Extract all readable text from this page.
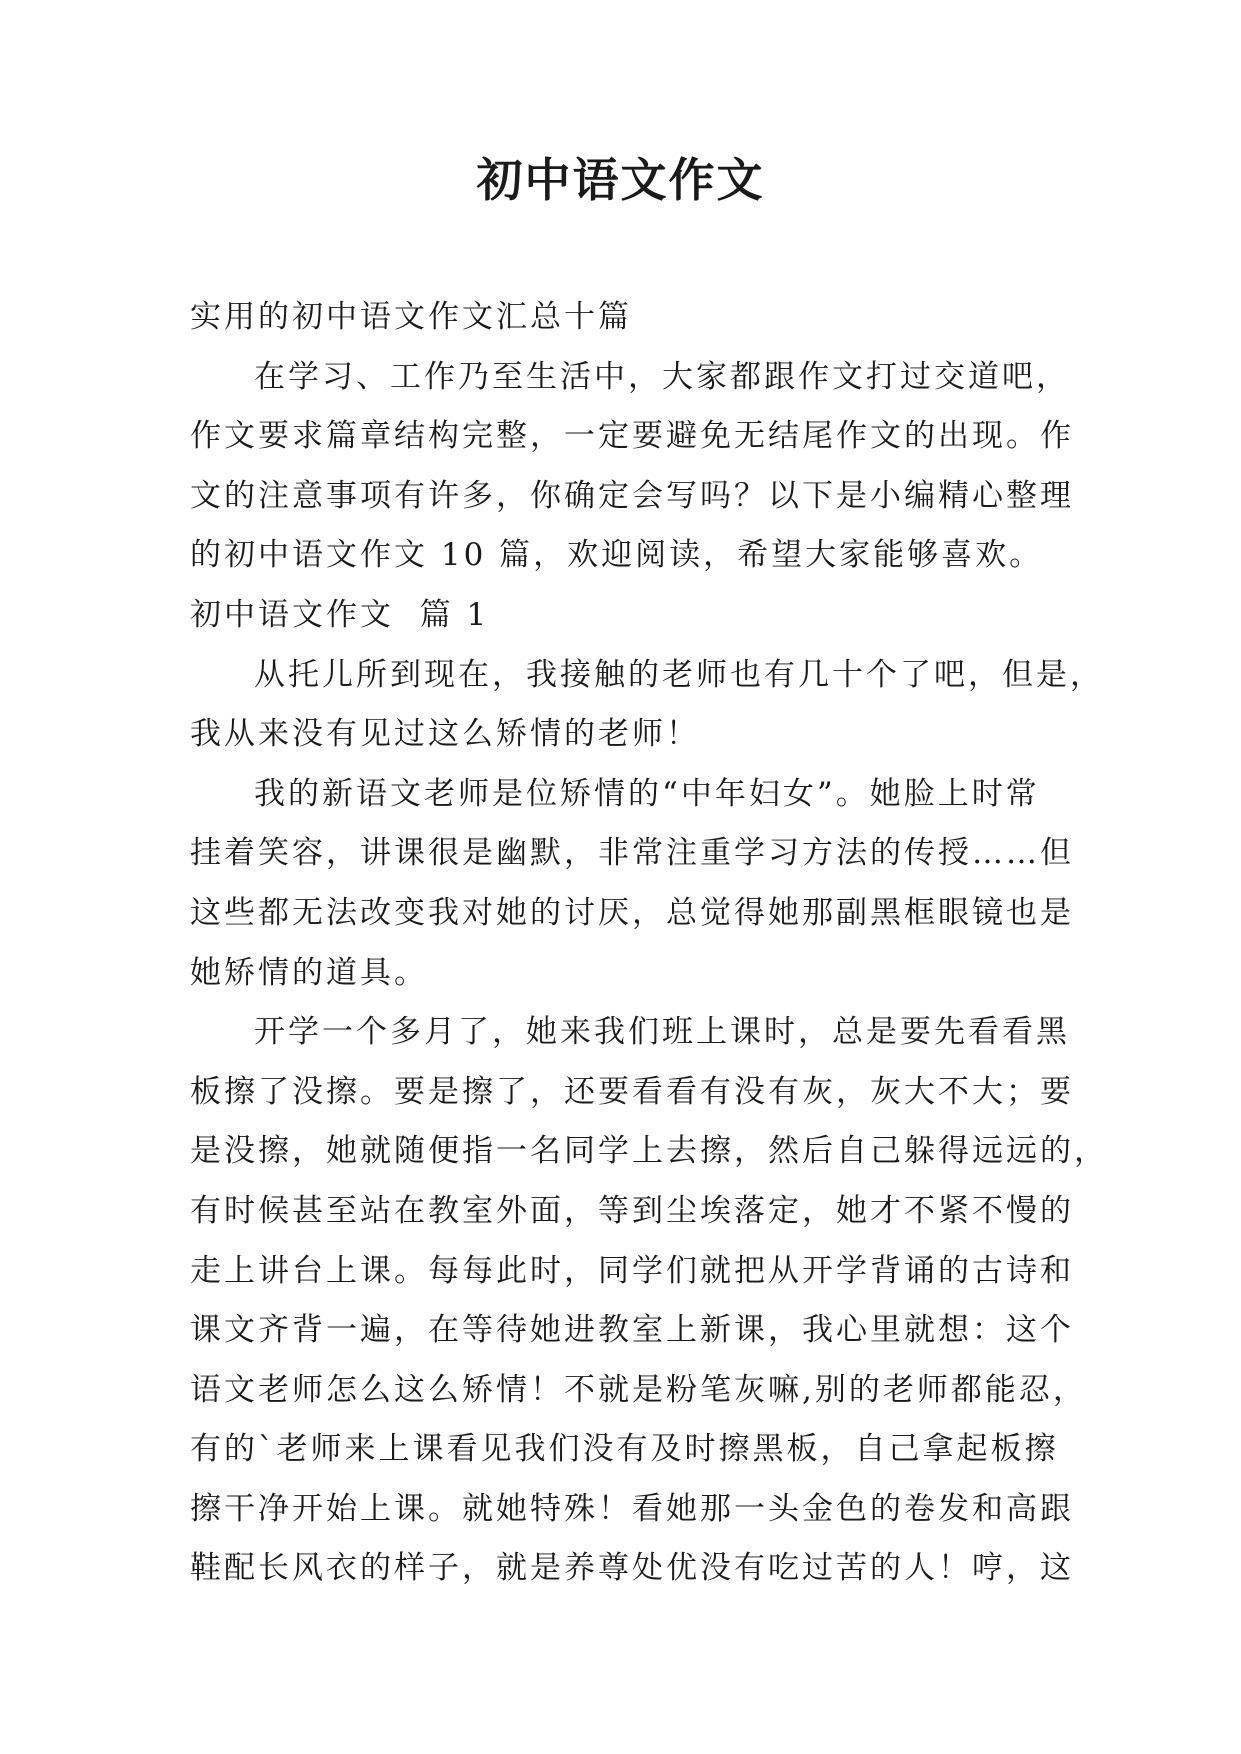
初中语文作文
实用的初中语文作文汇总十篇
在学习、工作乃至生活中，大家都跟作文打过交道吧，
作文要求篇章结构完整，一定要避免无结尾作文的出现。作
文的注意事项有许多，你确定会写吗？以下是小编精心整理
的初中语文作文 10 篇，欢迎阅读，希望大家能够喜欢。
初中语文作文  篇 1
从托儿所到现在，我接触的老师也有几十个了吧，但是，
我从来没有见过这么矫情的老师！
我的新语文老师是位矫情的“中年妇女”。她脸上时常
挂着笑容，讲课很是幽默，非常注重学习方法的传授……但
这些都无法改变我对她的讨厌，总觉得她那副黑框眼镜也是
她矫情的道具。
开学一个多月了，她来我们班上课时，总是要先看看黑
板擦了没擦。要是擦了，还要看看有没有灰，灰大不大；要
是没擦，她就随便指一名同学上去擦，然后自己躲得远远的，
有时候甚至站在教室外面，等到尘埃落定，她才不紧不慢的
走上讲台上课。每每此时，同学们就把从开学背诵的古诗和
课文齐背一遍，在等待她进教室上新课，我心里就想：这个
语文老师怎么这么矫情！不就是粉笔灰嘛,别的老师都能忍，
有的`老师来上课看见我们没有及时擦黑板，自己拿起板擦
擦干净开始上课。就她特殊！看她那一头金色的卷发和高跟
鞋配长风衣的样子，就是养尊处优没有吃过苦的人！哼，这
